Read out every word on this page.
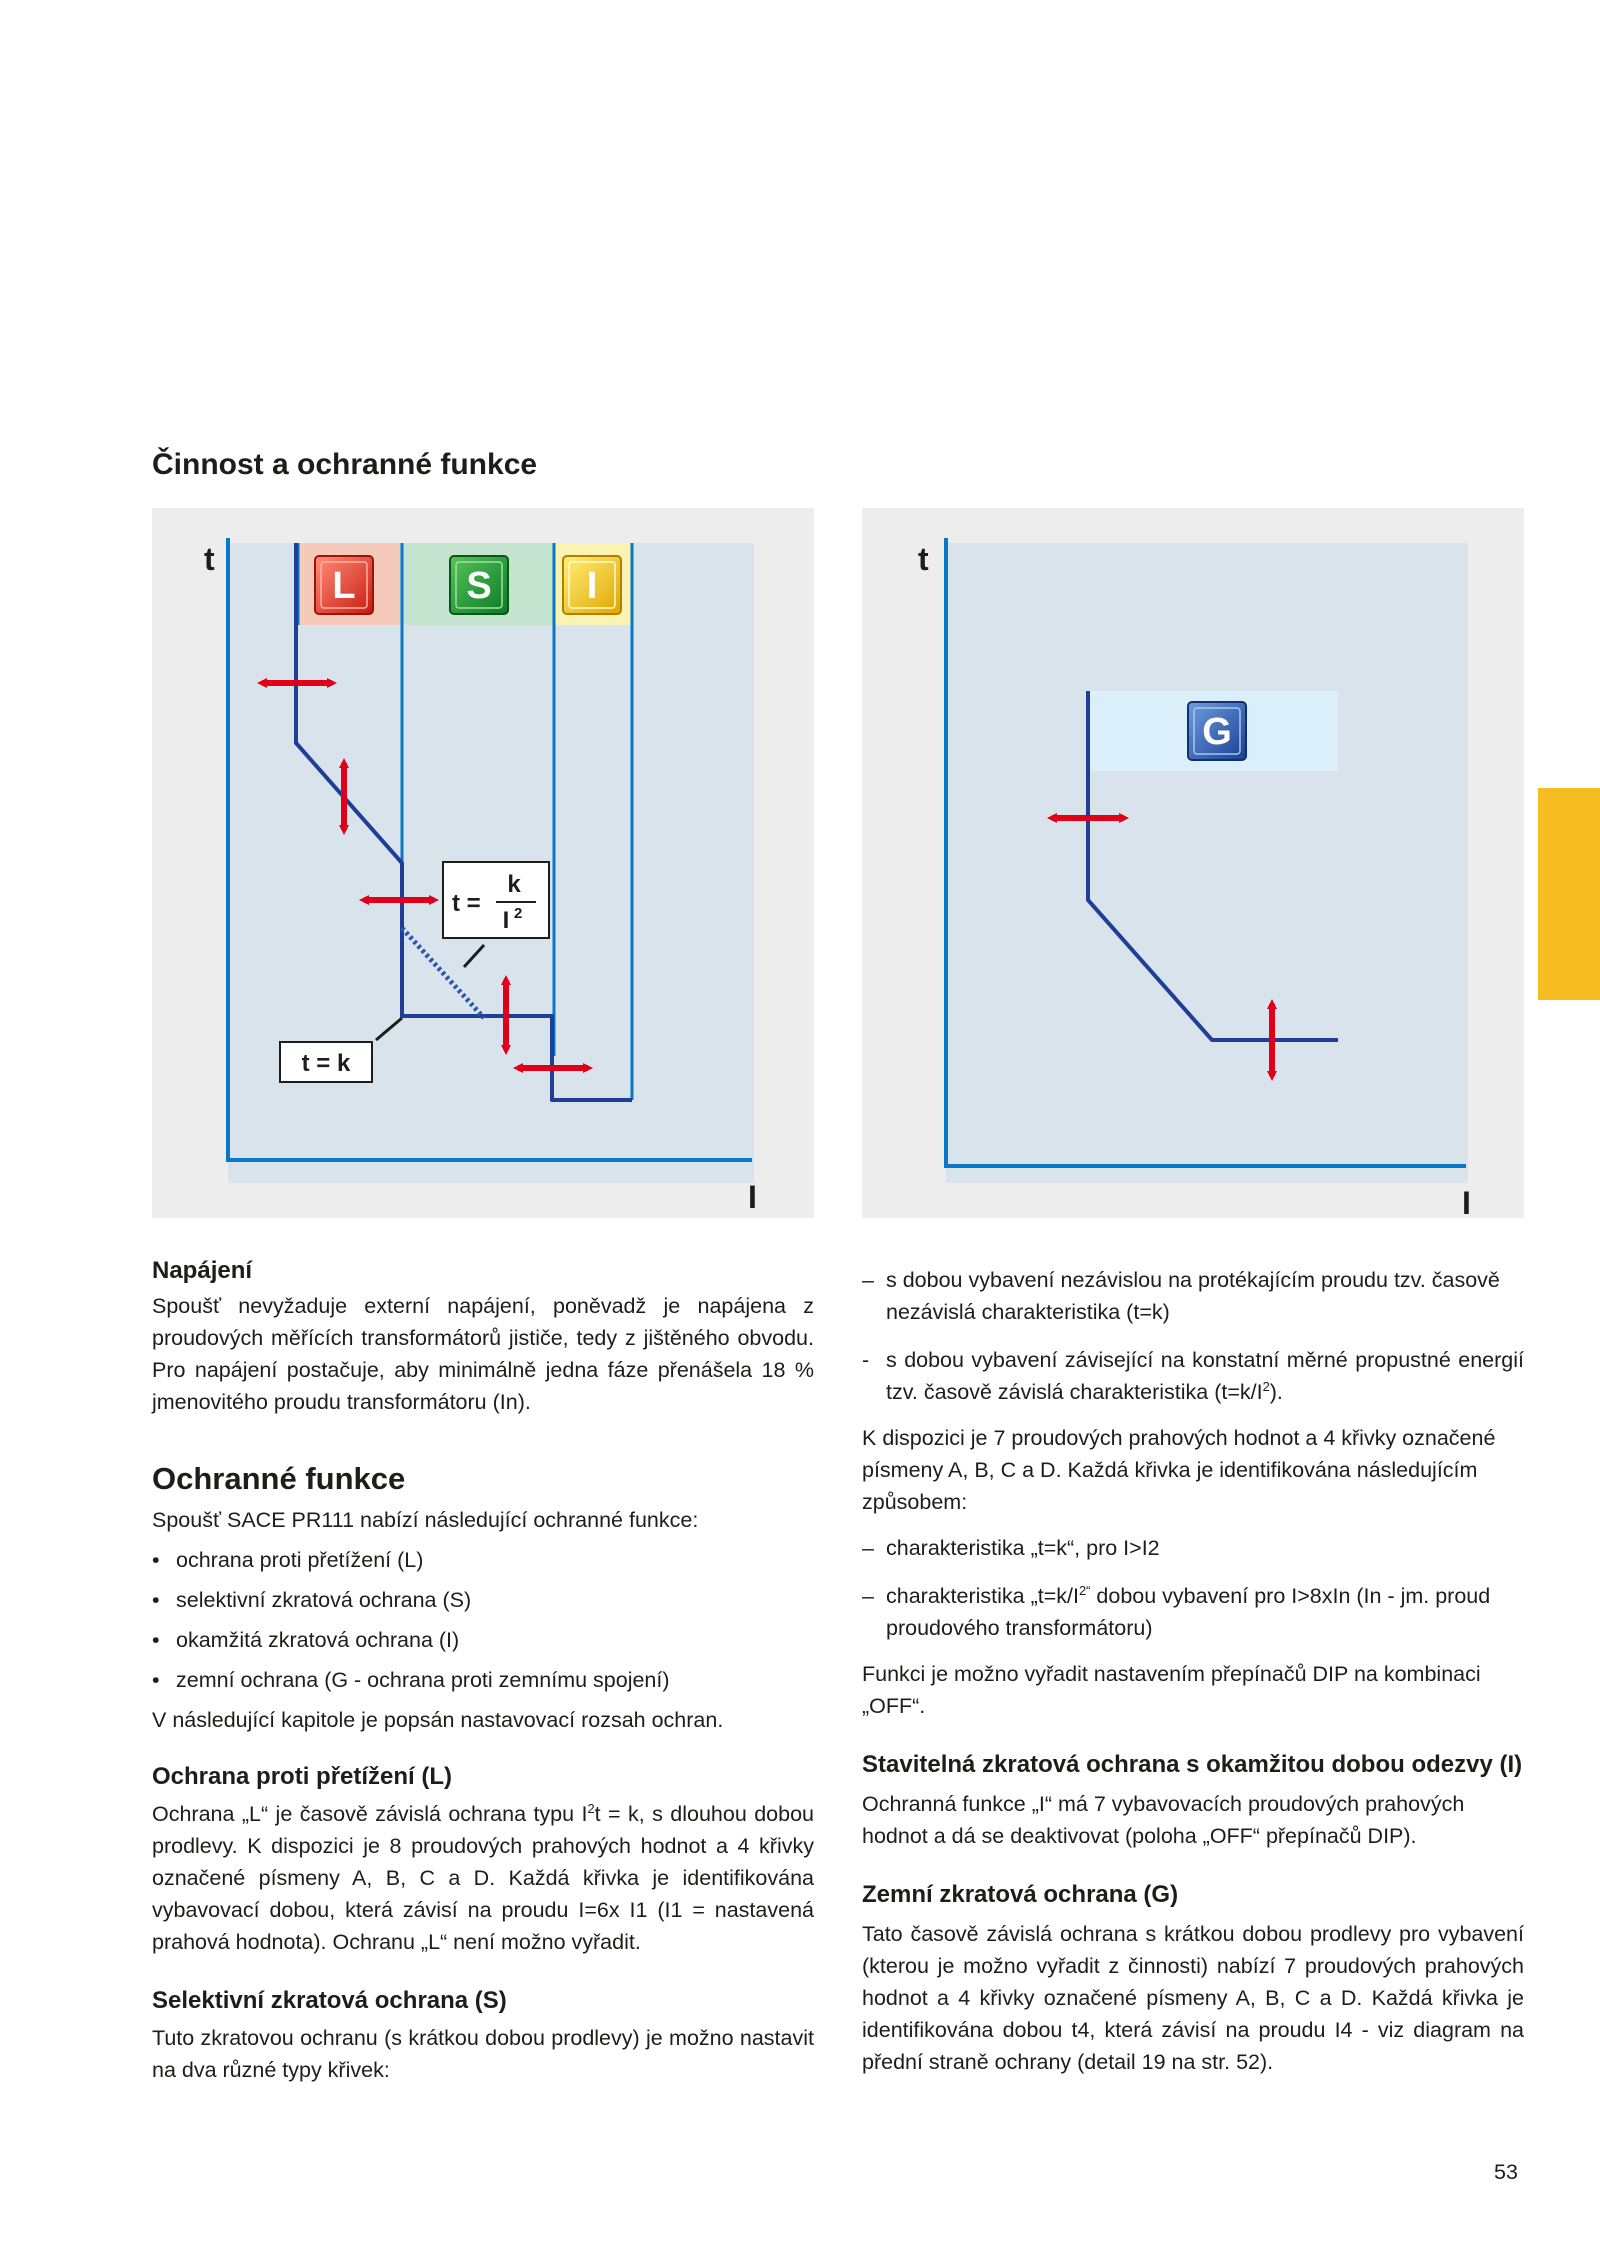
Činnost a ochranné funkce
L	S	I
t
I
t =
k
I 2
t = k
G
t
I
Napájení

Spoušť nevyžaduje externí napájení, poněvadž je napájena z proudových měřících transformátorů jističe, tedy z jištěného obvodu. Pro napájení postačuje, aby minimálně jedna fáze přenášela 18 % jmenovitého proudu transformátoru (In).

Ochranné funkce

Spoušť SACE PR111 nabízí následující ochranné funkce:

• ochrana proti přetížení (L)
• selektivní zkratová ochrana (S)
• okamžitá zkratová ochrana (I)
• zemní ochrana (G - ochrana proti zemnímu spojení)

V následující kapitole je popsán nastavovací rozsah ochran.

Ochrana proti přetížení (L)

Ochrana „L“ je časově závislá ochrana typu $I^2t = k$, s dlouhou dobou prodlevy. K dispozici je 8 proudových prahových hodnot a 4 křivky označené písmeny A, B, C a D. Každá křivka je identifikována vybavovací dobou, která závisí na proudu I=6x I1 (I1 = nastavená prahová hodnota). Ochranu „L“ není možno vyřadit.

Selektivní zkratová ochrana (S)

Tuto zkratovou ochranu (s krátkou dobou prodlevy) je možno nastavit na dva různé typy křivek:

– s dobou vybavení nezávislou na protékajícím proudu tzv. časově nezávislá charakteristika (t=k)
- s dobou vybavení závisející na konstatní měrné propustné energií tzv. časově závislá charakteristika $(t=k/I^2)$.

K dispozici je 7 proudových prahových hodnot a 4 křivky označené písmeny A, B, C a D. Každá křivka je identifikována následujícím způsobem:

– charakteristika „t=k“, pro I>I2
– charakteristika $„t=k/I^{2“}$ dobou vybavení pro I>8xIn (In - jm. proud proudového transformátoru)

Funkci je možno vyřadit nastavením přepínačů DIP na kombinaci „OFF“.

Stavitelná zkratová ochrana s okamžitou dobou odezvy (I)

Ochranná funkce „I“ má 7 vybavovacích proudových prahových hodnot a dá se deaktivovat (poloha „OFF“ přepínačů DIP).

Zemní zkratová ochrana (G)

Tato časově závislá ochrana s krátkou dobou prodlevy pro vybavení (kterou je možno vyřadit z činnosti) nabízí 7 proudových prahových hodnot a 4 křivky označené písmeny A, B, C a D. Každá křivka je identifikována dobou t4, která závisí na proudu I4 - viz diagram na přední straně ochrany (detail 19 na str. 52).

53
